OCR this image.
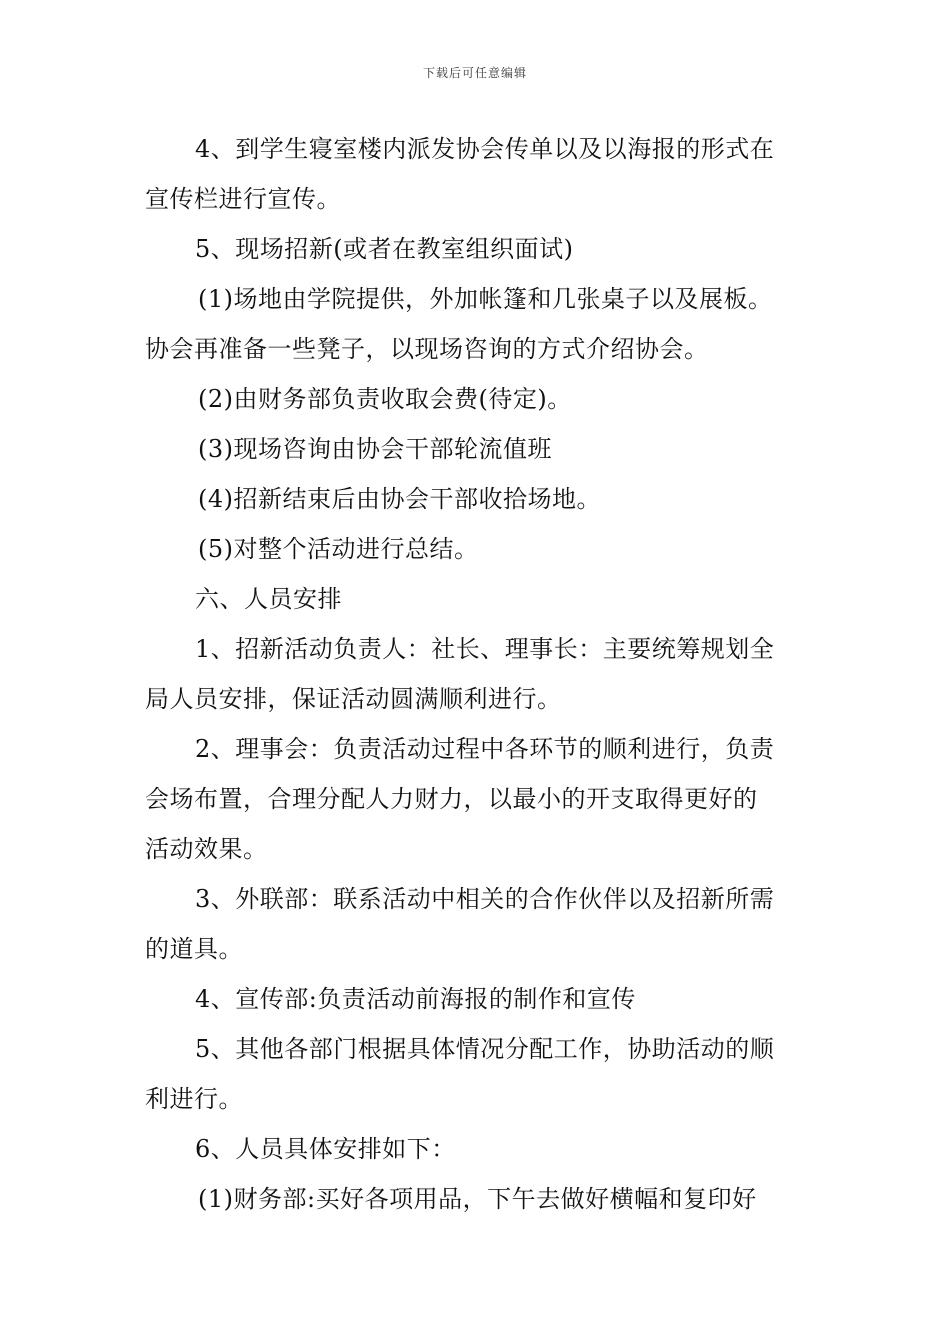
下载后可任意编辑
4、到学生寝室楼内派发协会传单以及以海报的形式在
宣传栏进行宣传。
5、现场招新(或者在教室组织面试)
(1)场地由学院提供，外加帐篷和几张桌子以及展板。
协会再准备一些凳子，以现场咨询的方式介绍协会。
(2)由财务部负责收取会费(待定)。
(3)现场咨询由协会干部轮流值班
(4)招新结束后由协会干部收拾场地。
(5)对整个活动进行总结。
六、人员安排
1、招新活动负责人：社长、理事长：主要统筹规划全
局人员安排，保证活动圆满顺利进行。
2、理事会：负责活动过程中各环节的顺利进行，负责
会场布置，合理分配人力财力，以最小的开支取得更好的
活动效果。
3、外联部：联系活动中相关的合作伙伴以及招新所需
的道具。
4、宣传部:负责活动前海报的制作和宣传
5、其他各部门根据具体情况分配工作，协助活动的顺
利进行。
6、人员具体安排如下：
(1)财务部:买好各项用品，下午去做好横幅和复印好
